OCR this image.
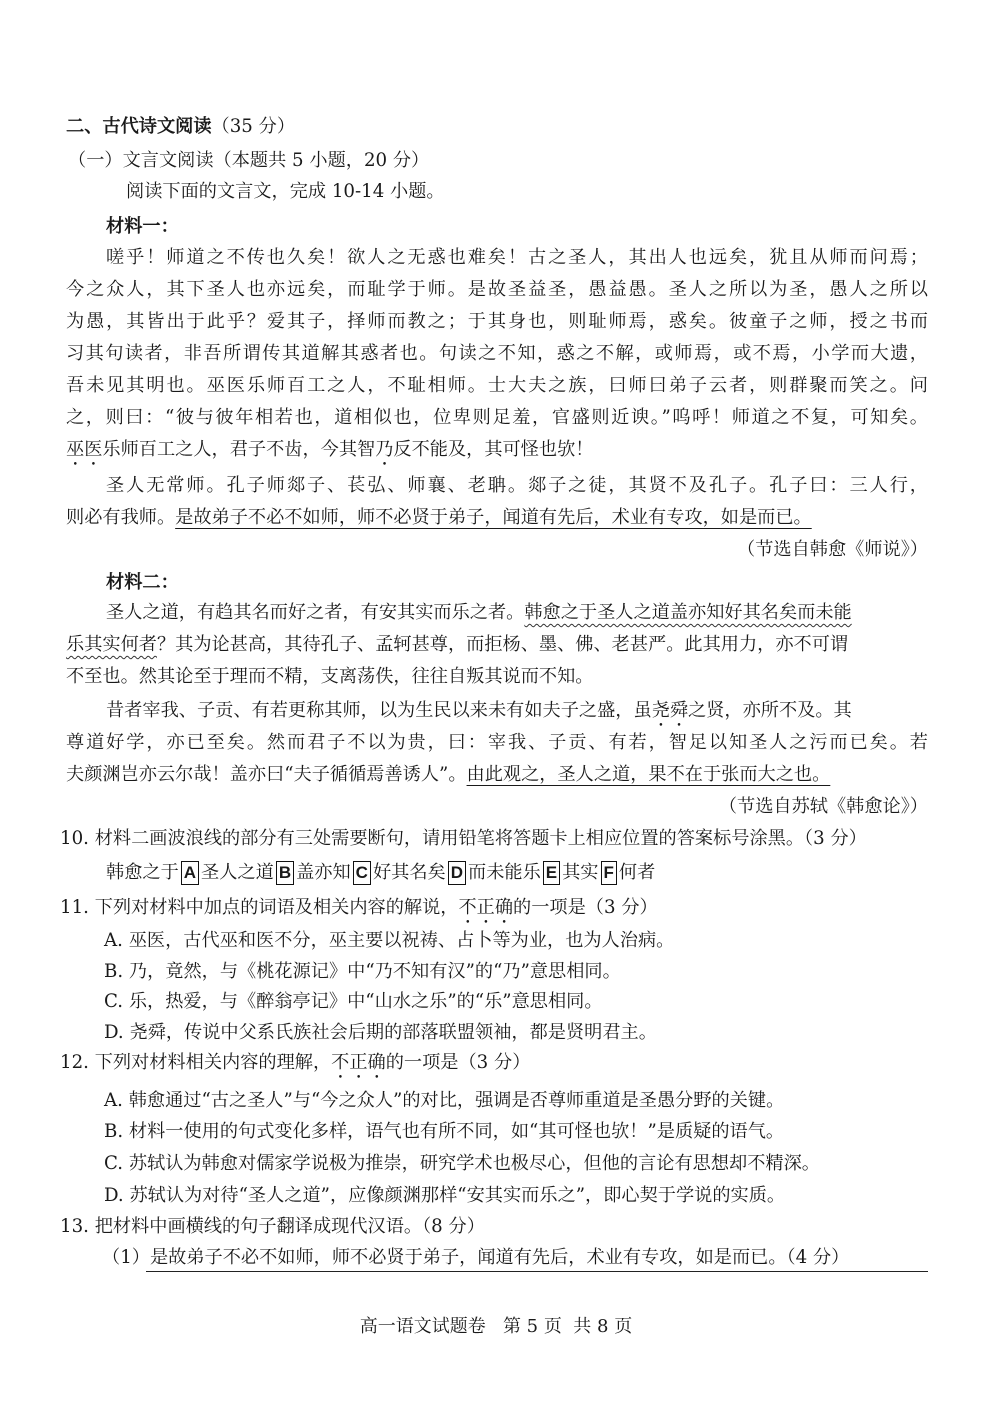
二、古代诗文阅读（35 分）
（一）文言文阅读（本题共 5 小题，20 分）
阅读下面的文言文，完成 10-14 小题。
材料一：
嗟乎！师道之不传也久矣！欲人之无惑也难矣！古之圣人，其出人也远矣，犹且从师而问焉；
今之众人，其下圣人也亦远矣，而耻学于师。是故圣益圣，愚益愚。圣人之所以为圣，愚人之所以
为愚，其皆出于此乎？爱其子，择师而教之；于其身也，则耻师焉，惑矣。彼童子之师，授之书而
习其句读者，非吾所谓传其道解其惑者也。句读之不知，惑之不解，或师焉，或不焉，小学而大遗，
吾未见其明也。巫医乐师百工之人，不耻相师。士大夫之族，曰师曰弟子云者，则群聚而笑之。问
之，则曰：“彼与彼年相若也，道相似也，位卑则足羞，官盛则近谀。”呜呼！师道之不复，可知矣。
巫医乐师百工之人，君子不齿，今其智乃反不能及，其可怪也欤！
圣人无常师。孔子师郯子、苌弘、师襄、老聃。郯子之徒，其贤不及孔子。孔子曰：三人行，
则必有我师。是故弟子不必不如师，师不必贤于弟子，闻道有先后，术业有专攻，如是而已。
（节选自韩愈《师说》）
材料二：
圣人之道，有趋其名而好之者，有安其实而乐之者。韩愈之于圣人之道盖亦知好其名矣而未能
乐其实何者？其为论甚高，其待孔子、孟轲甚尊，而拒杨、墨、佛、老甚严。此其用力，亦不可谓
不至也。然其论至于理而不精，支离荡佚，往往自叛其说而不知。
昔者宰我、子贡、有若更称其师，以为生民以来未有如夫子之盛，虽尧舜之贤，亦所不及。其
尊道好学，亦已至矣。然而君子不以为贵，曰：宰我、子贡、有若，智足以知圣人之污而已矣。若
夫颜渊岂亦云尔哉！盖亦曰“夫子循循焉善诱人”。由此观之，圣人之道，果不在于张而大之也。
（节选自苏轼《韩愈论》）
10. 材料二画波浪线的部分有三处需要断句，请用铅笔将答题卡上相应位置的答案标号涂黑。（3 分）
韩愈之于 A 圣人之道 B 盖亦知 C 好其名矣 D 而未能乐 E 其实 F 何者
11. 下列对材料中加点的词语及相关内容的解说，不正确的一项是（3 分）
A. 巫医，古代巫和医不分，巫主要以祝祷、占卜等为业，也为人治病。
B. 乃，竟然，与《桃花源记》中“乃不知有汉”的“乃”意思相同。
C. 乐，热爱，与《醉翁亭记》中“山水之乐”的“乐”意思相同。
D. 尧舜，传说中父系氏族社会后期的部落联盟领袖，都是贤明君主。
12. 下列对材料相关内容的理解，不正确的一项是（3 分）
A. 韩愈通过“古之圣人”与“今之众人”的对比，强调是否尊师重道是圣愚分野的关键。
B. 材料一使用的句式变化多样，语气也有所不同，如“其可怪也欤！”是质疑的语气。
C. 苏轼认为韩愈对儒家学说极为推崇，研究学术也极尽心，但他的言论有思想却不精深。
D. 苏轼认为对待“圣人之道”，应像颜渊那样“安其实而乐之”，即心契于学说的实质。
13. 把材料中画横线的句子翻译成现代汉语。（8 分）
（1）是故弟子不必不如师，师不必贤于弟子，闻道有先后，术业有专攻，如是而已。（4 分）
高一语文试题卷   第 5 页  共 8 页
